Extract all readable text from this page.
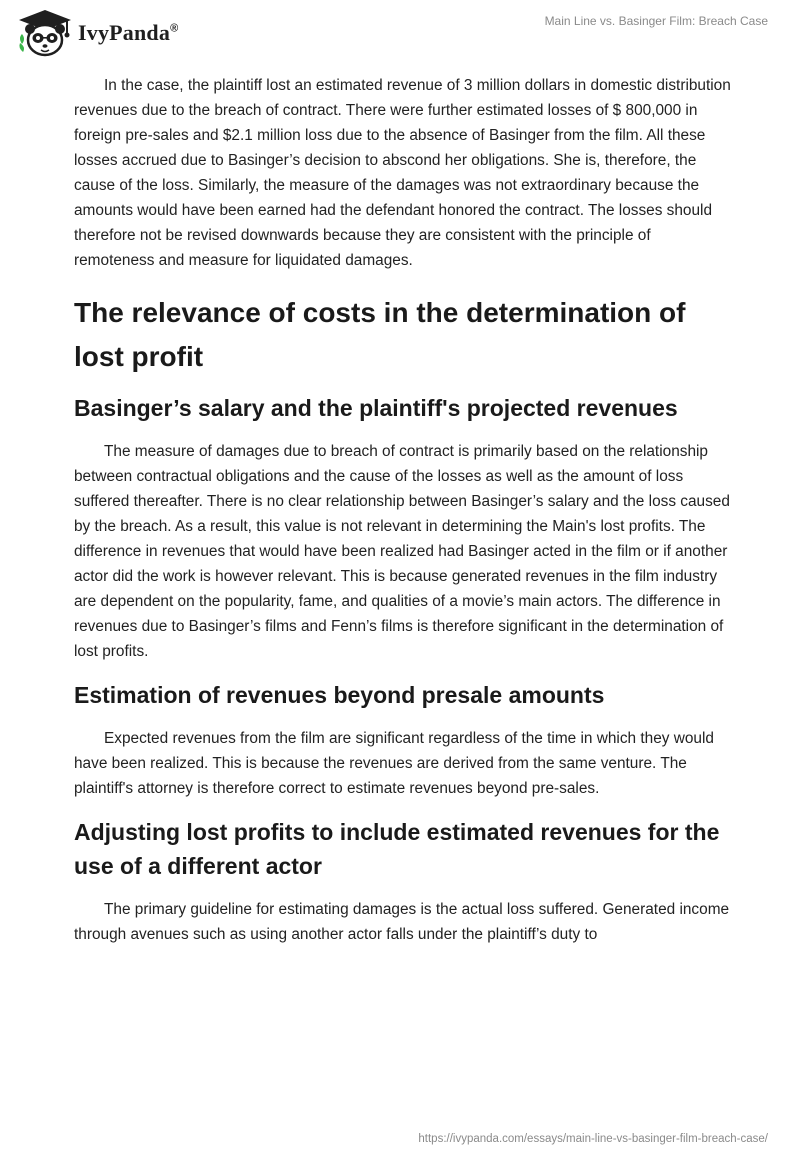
IvyPanda®
Main Line vs. Basinger Film: Breach Case

In the case, the plaintiff lost an estimated revenue of 3 million dollars in domestic distribution revenues due to the breach of contract. There were further estimated losses of $ 800,000 in foreign pre-sales and $2.1 million loss due to the absence of Basinger from the film. All these losses accrued due to Basinger’s decision to abscond her obligations. She is, therefore, the cause of the loss. Similarly, the measure of the damages was not extraordinary because the amounts would have been earned had the defendant honored the contract. The losses should therefore not be revised downwards because they are consistent with the principle of remoteness and measure for liquidated damages.

The relevance of costs in the determination of lost profit
Basinger’s salary and the plaintiff's projected revenues

The measure of damages due to breach of contract is primarily based on the relationship between contractual obligations and the cause of the losses as well as the amount of loss suffered thereafter. There is no clear relationship between Basinger’s salary and the loss caused by the breach. As a result, this value is not relevant in determining the Main's lost profits. The difference in revenues that would have been realized had Basinger acted in the film or if another actor did the work is however relevant. This is because generated revenues in the film industry are dependent on the popularity, fame, and qualities of a movie’s main actors. The difference in revenues due to Basinger’s films and Fenn’s films is therefore significant in the determination of lost profits.

Estimation of revenues beyond presale amounts

Expected revenues from the film are significant regardless of the time in which they would have been realized. This is because the revenues are derived from the same venture. The plaintiff's attorney is therefore correct to estimate revenues beyond pre-sales.

Adjusting lost profits to include estimated revenues for the use of a different actor

The primary guideline for estimating damages is the actual loss suffered. Generated income through avenues such as using another actor falls under the plaintiff’s duty to

https://ivypanda.com/essays/main-line-vs-basinger-film-breach-case/
